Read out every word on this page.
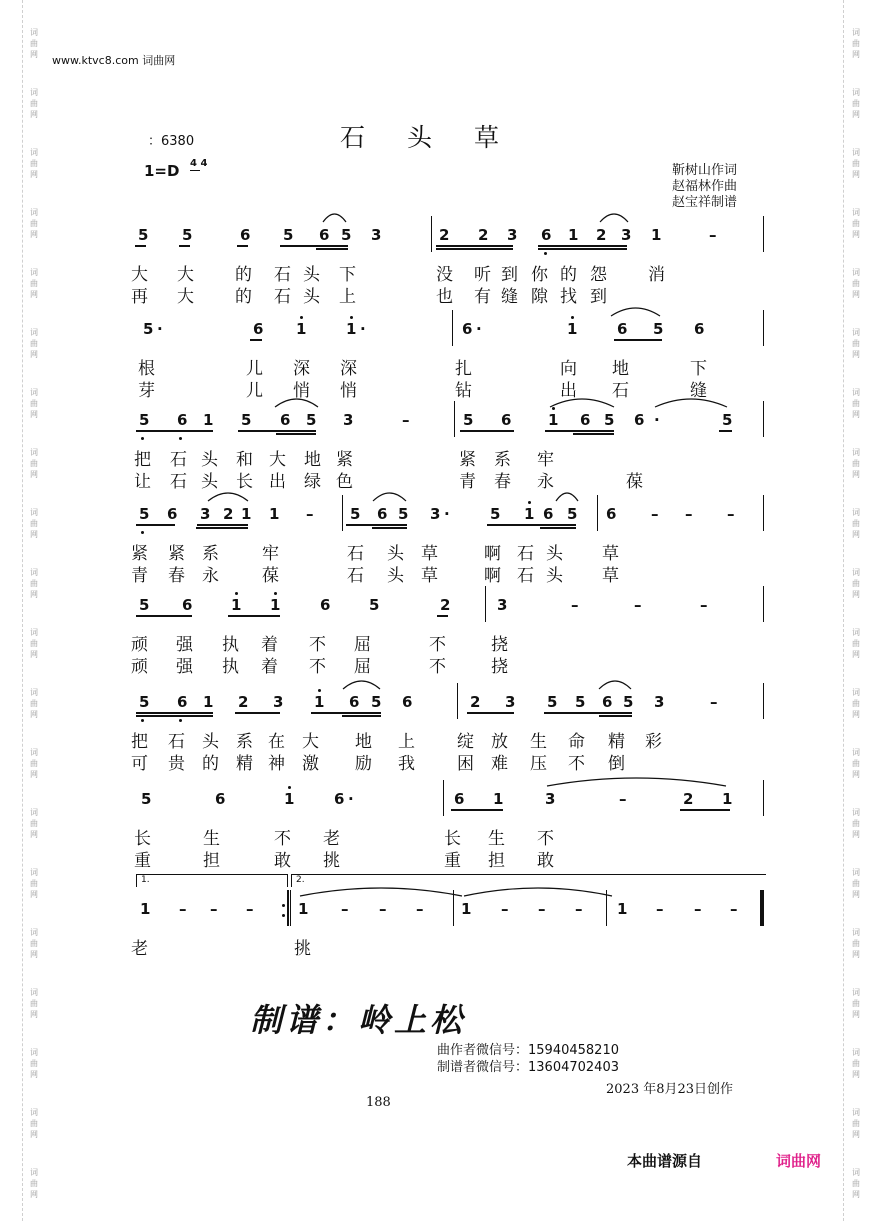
词
曲
网
词
曲
网
词
曲
网
词
曲
网
词
曲
网
词
曲
网
词
曲
网
词
曲
网
词
曲
网
词
曲
网
词
曲
网
词
曲
网
词
曲
网
词
曲
网
词
曲
网
词
曲
网
词
曲
网
词
曲
网
词
曲
网
词
曲
网
词
曲
网
词
曲
网
词
曲
网
词
曲
网
词
曲
网
词
曲
网
词
曲
网
词
曲
网
词
曲
网
词
曲
网
词
曲
网
词
曲
网
词
曲
网
词
曲
网
词
曲
网
词
曲
网
词
曲
网
词
曲
网
词
曲
网
词
曲
网
www.ktvc8.com 词曲网
：6380	石头草
1=D 4 4	靳树山作词
赵福林作曲
赵宝祥制谱
5 5	6 5 6 5 3	2 2 3 6 1 2 3 1	–
大 大 的 石 头 下	没 听 到 你 的 怨 消
再 大 的 石 头 上	也 有 缝 隙 找 到
5 ·	6 1	1 ·	6 ·	1	6 5 6
根	儿 深 深	扎	向 地	下
芽	儿 悄 悄	钻	出 石	缝
5 6 1 5 6 5 3	–	5 6 1 6 5 6 ·	5
把 石 头 和 大 地 紧	紧 系 牢
让 石 头 长 出 绿 色	青 春 永	葆
5 6 3 2 1 1 – 5 6 5 3 ·	5 1 6 5 6 – – –
紧 紧 系	牢	石 头 草	啊 石 头 草
青 春 永	葆	石 头 草	啊 石 头 草
5 6	1 1	6	5	2	3	–	–	–
顽 强 执 着 不 屈	不	挠
顽 强 执 着 不 屈	不	挠
5 6 1 2 3 1 6 5 6	2 3 5 5 6 5 3	–
把 石 头 系 在 大 地 上 绽 放 生 命 精 彩
可 贵 的 精 神 激 励 我 困 难 压 不 倒
5	6	1	6 ·	6 1	3	–	2 1
长	生	不 老	长 生 不
重	担	敢 挑	重 担 敢
1 – – –	1 – – –	1 – – – 1 – – –
老	挑
1.	2.
制谱：岭上松
曲作者微信号：15940458210
制谱者微信号：13604702403
2023 年8月23日创作
188
本曲谱源自	词曲网
